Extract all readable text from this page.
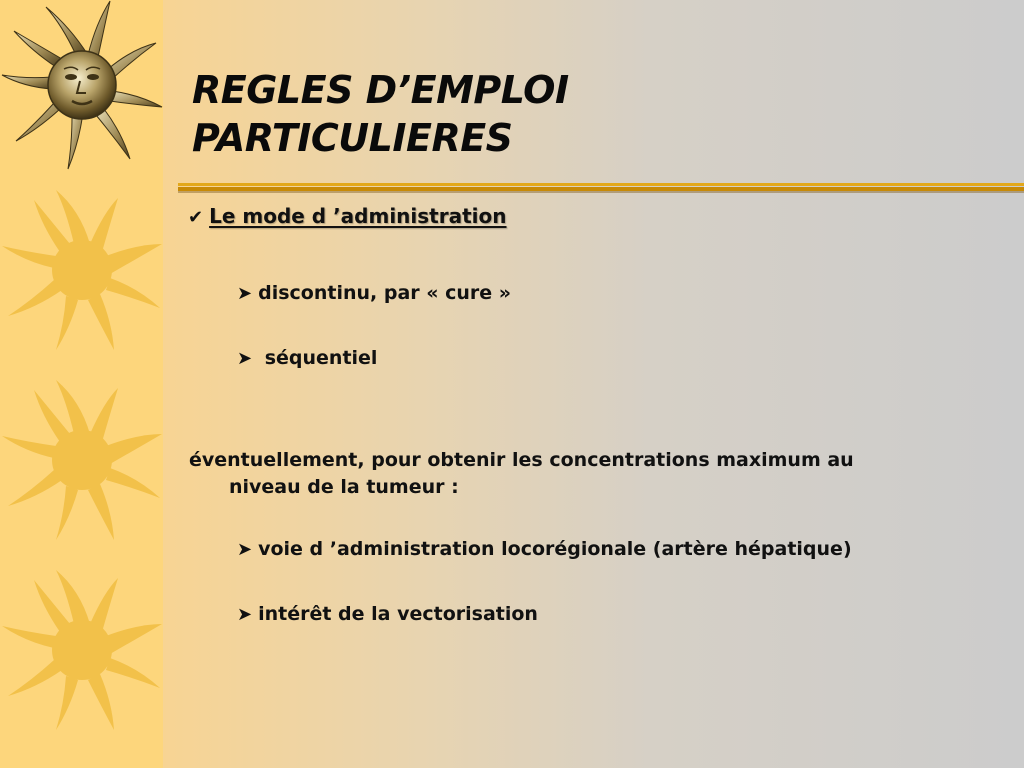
REGLES D’EMPLOI
PARTICULIERES
✔︎ Le mode d ’administration
➤ discontinu, par « cure »
➤ séquentiel
éventuellement, pour obtenir les concentrations maximum au
niveau de la tumeur :
➤ voie d ’administration locorégionale (artère hépatique)
➤ intérêt de la vectorisation
